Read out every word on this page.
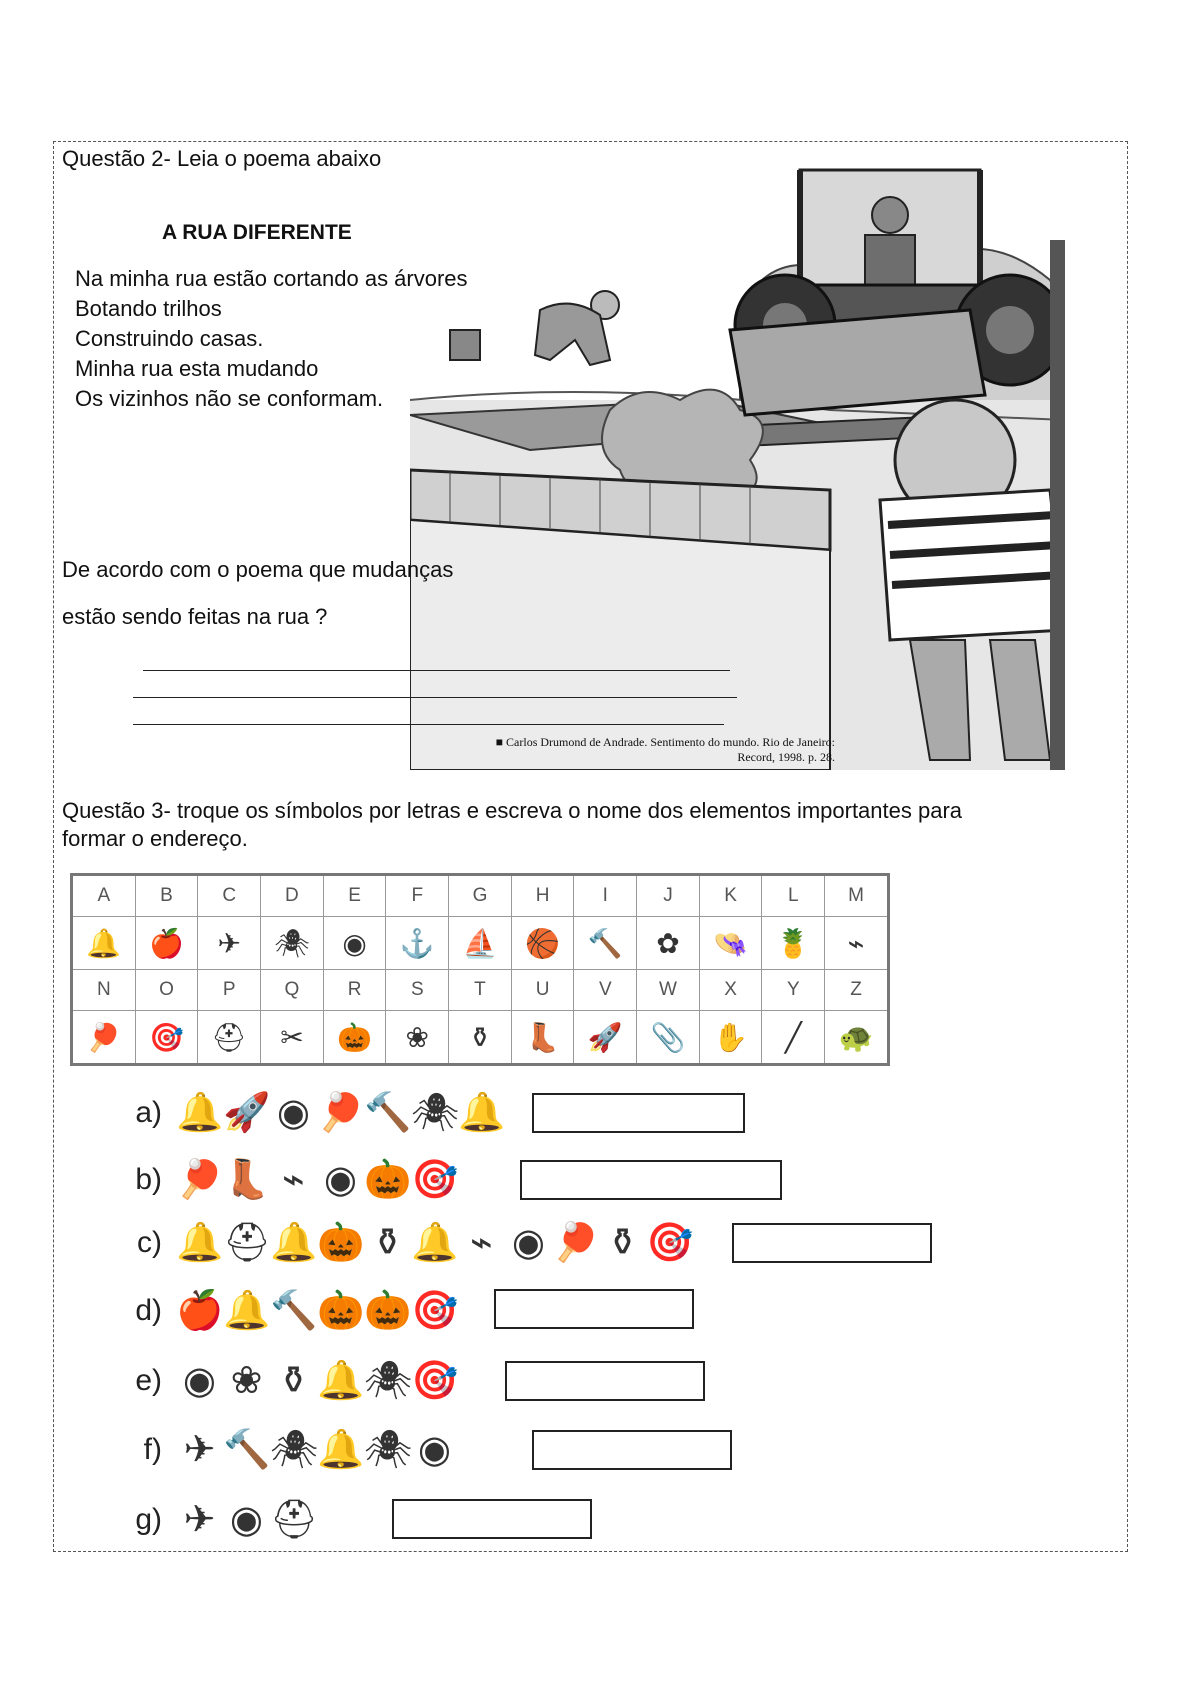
Questão 2- Leia o poema abaixo
A RUA DIFERENTE
Na minha rua estão cortando as árvores
Botando trilhos
Construindo casas.
Minha rua esta mudando
Os vizinhos não se conformam.
De acordo com o poema que mudanças
estão sendo feitas na rua ?
■ Carlos Drumond de Andrade. Sentimento do mundo. Rio de Janeiro:
Record, 1998. p. 28.
Questão 3- troque os símbolos por letras e escreva o nome dos elementos importantes para
formar o endereço.
A	B	C	D	E	F	G	H	I	J	K	L	M
🔔	🍎	✈	🕷	◉	⚓	⛵	🏀	🔨	✿	👒	🍍	⌁
N	O	P	Q	R	S	T	U	V	W	X	Y	Z
🏓	🎯	⛑	✂	🎃	❀	⚱	👢	🚀	📎	✋	╱	🐢
a) 🔔 🚀 ◉ 🏓 🔨 🕷
🔔
b) 🏓 👢 ⌁ ◉ 🎃 🎯
c) 🔔 ⛑
🔔 🎃 ⚱ 🔔 ⌁ ◉ 🏓 ⚱ 🎯
d) 🍎 🔔 🔨 🎃 🎃 🎯
e) ◉ ❀ ⚱ 🔔 🕷
🎯
f) ✈ 🔨 🕷
🔔 🕷 ◉
g) ✈ ◉ ⛑
